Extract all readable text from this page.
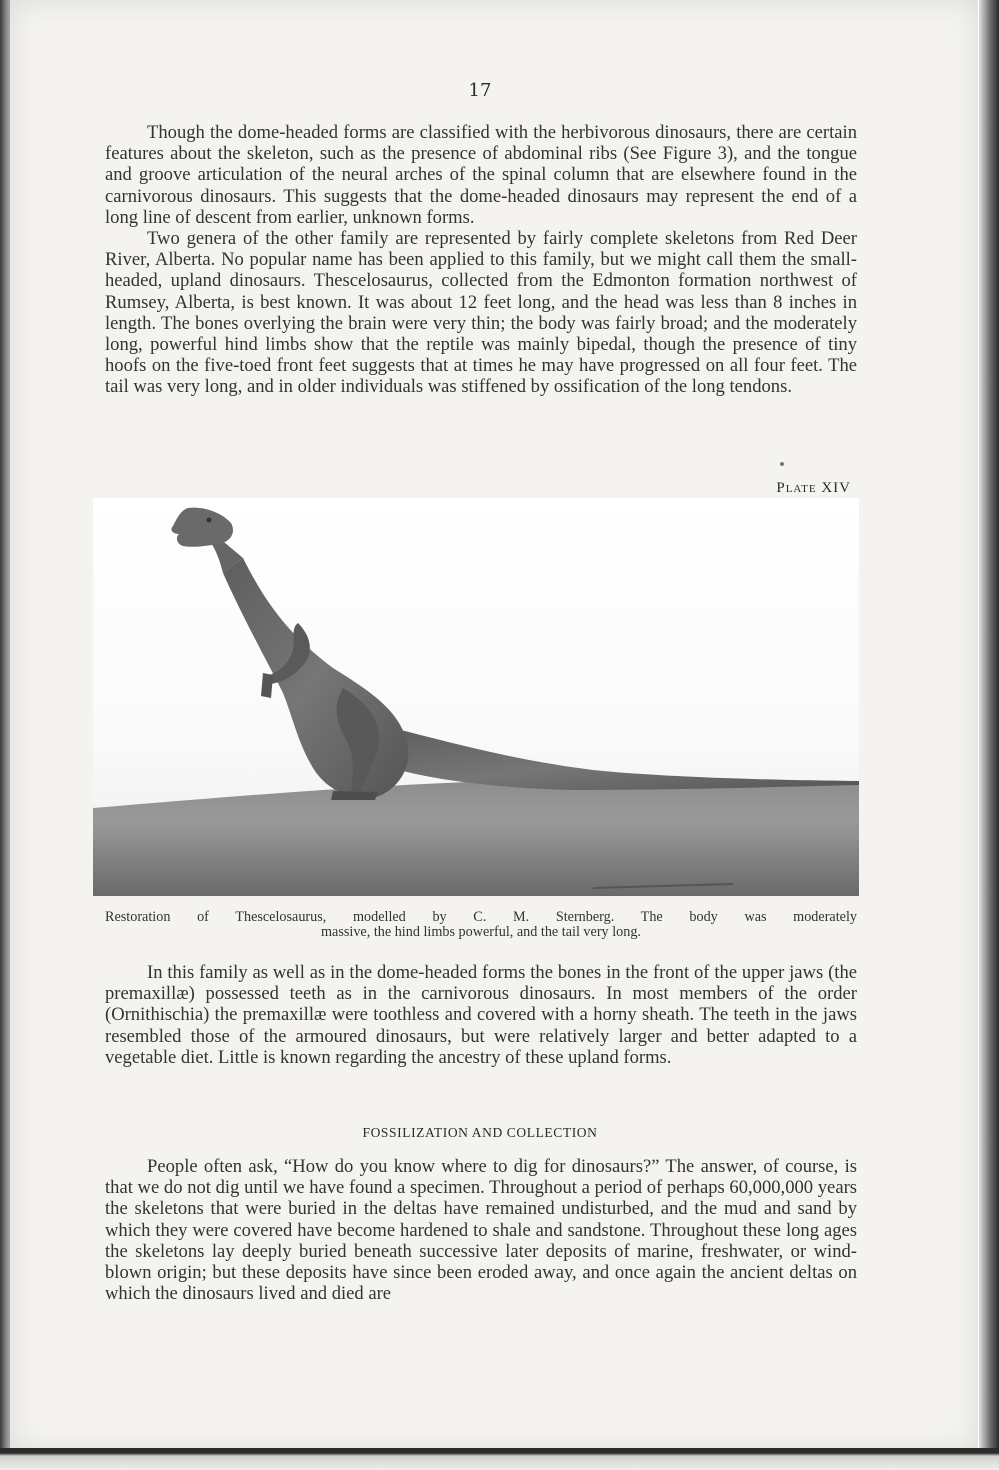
17

Though the dome-headed forms are classified with the herbivorous dinosaurs, there are certain features about the skeleton, such as the presence of abdominal ribs (See Figure 3), and the tongue and groove articulation of the neural arches of the spinal column that are elsewhere found in the carnivorous dinosaurs. This suggests that the dome-headed dinosaurs may represent the end of a long line of descent from earlier, unknown forms.

Two genera of the other family are represented by fairly complete skeletons from Red Deer River, Alberta. No popular name has been applied to this family, but we might call them the small-headed, upland dinosaurs. Thescelosaurus, collected from the Edmonton formation northwest of Rumsey, Alberta, is best known. It was about 12 feet long, and the head was less than 8 inches in length. The bones overlying the brain were very thin; the body was fairly broad; and the moderately long, powerful hind limbs show that the reptile was mainly bipedal, though the presence of tiny hoofs on the five-toed front feet suggests that at times he may have progressed on all four feet. The tail was very long, and in older individuals was stiffened by ossification of the long tendons.

Plate XIV
Restoration of Thescelosaurus, modelled by C. M. Sternberg. The body was moderately
massive, the hind limbs powerful, and the tail very long.

In this family as well as in the dome-headed forms the bones in the front of the upper jaws (the premaxillæ) possessed teeth as in the carnivorous dinosaurs. In most members of the order (Ornithischia) the premaxillæ were toothless and covered with a horny sheath. The teeth in the jaws resembled those of the armoured dinosaurs, but were relatively larger and better adapted to a vegetable diet. Little is known regarding the ancestry of these upland forms.

FOSSILIZATION AND COLLECTION

People often ask, “How do you know where to dig for dinosaurs?” The answer, of course, is that we do not dig until we have found a specimen. Throughout a period of perhaps 60,000,000 years the skeletons that were buried in the deltas have remained undisturbed, and the mud and sand by which they were covered have become hardened to shale and sandstone. Throughout these long ages the skeletons lay deeply buried beneath successive later deposits of marine, freshwater, or wind-blown origin; but these deposits have since been eroded away, and once again the ancient deltas on which the dinosaurs lived and died are
